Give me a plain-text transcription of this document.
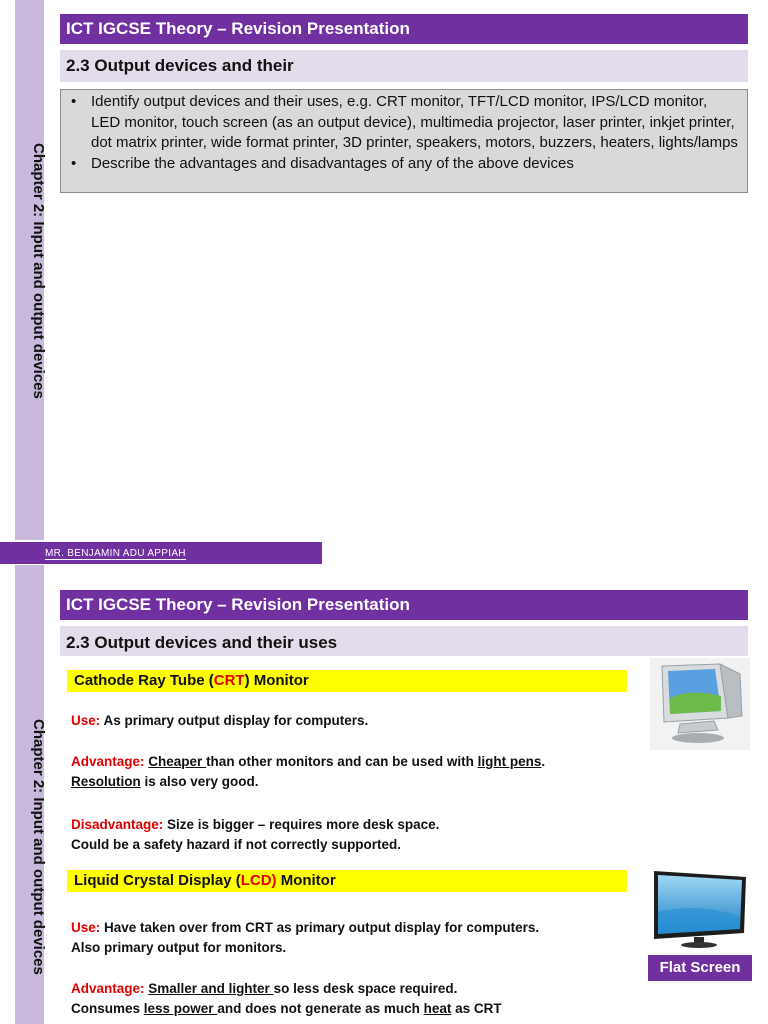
Chapter 2: Input and output devices
ICT IGCSE Theory – Revision Presentation
2.3 Output devices and their
• Identify output devices and their uses, e.g. CRT monitor, TFT/LCD monitor, IPS/LCD monitor, LED monitor, touch screen (as an output device), multimedia projector, laser printer, inkjet printer, dot matrix printer, wide format printer, 3D printer, speakers, motors, buzzers, heaters, lights/lamps
• Describe the advantages and disadvantages of any of the above devices
MR. BENJAMIN ADU APPIAH
Chapter 2: Input and output devices
ICT IGCSE Theory – Revision Presentation
2.3 Output devices and their uses
Cathode Ray Tube (CRT) Monitor
Use: As primary output display for computers.
Advantage: Cheaper than other monitors and can be used with light pens. Resolution is also very good.
Disadvantage: Size is bigger – requires more desk space.
Could be a safety hazard if not correctly supported.
Liquid Crystal Display (LCD) Monitor
Use: Have taken over from CRT as primary output display for computers.
Also primary output for monitors.
Advantage: Smaller and lighter so less desk space required.
Consumes less power and does not generate as much heat as CRT
Flat Screen
